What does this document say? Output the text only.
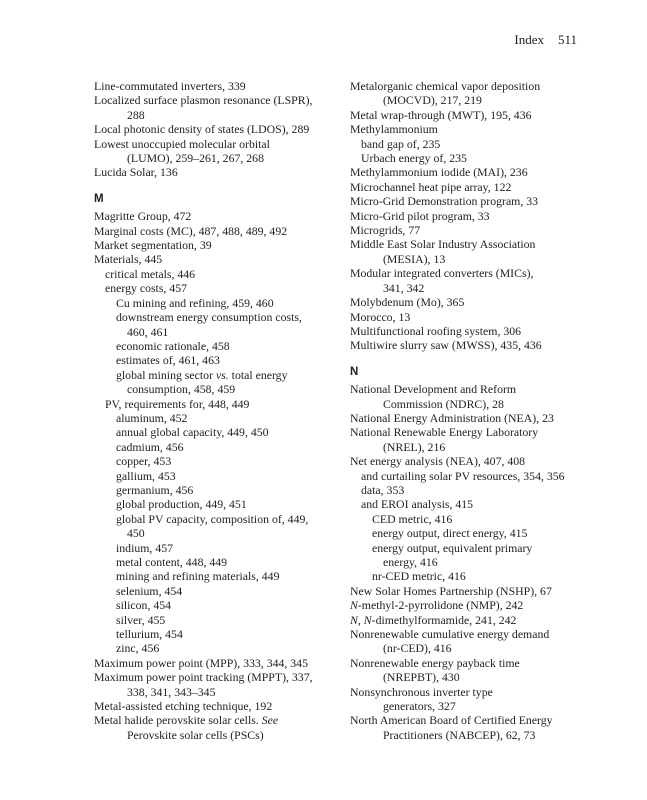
Index 511
Line-commutated inverters, 339
Localized surface plasmon resonance (LSPR),
288
Local photonic density of states (LDOS), 289
Lowest unoccupied molecular orbital
(LUMO), 259–261, 267, 268
Lucida Solar, 136
M
Magritte Group, 472
Marginal costs (MC), 487, 488, 489, 492
Market segmentation, 39
Materials, 445
critical metals, 446
energy costs, 457
Cu mining and refining, 459, 460
downstream energy consumption costs,
460, 461
economic rationale, 458
estimates of, 461, 463
global mining sector vs. total energy
consumption, 458, 459
PV, requirements for, 448, 449
aluminum, 452
annual global capacity, 449, 450
cadmium, 456
copper, 453
gallium, 453
germanium, 456
global production, 449, 451
global PV capacity, composition of, 449,
450
indium, 457
metal content, 448, 449
mining and refining materials, 449
selenium, 454
silicon, 454
silver, 455
tellurium, 454
zinc, 456
Maximum power point (MPP), 333, 344, 345
Maximum power point tracking (MPPT), 337,
338, 341, 343–345
Metal-assisted etching technique, 192
Metal halide perovskite solar cells. See
Perovskite solar cells (PSCs)
Metalorganic chemical vapor deposition
(MOCVD), 217, 219
Metal wrap-through (MWT), 195, 436
Methylammonium
band gap of, 235
Urbach energy of, 235
Methylammonium iodide (MAI), 236
Microchannel heat pipe array, 122
Micro-Grid Demonstration program, 33
Micro-Grid pilot program, 33
Microgrids, 77
Middle East Solar Industry Association
(MESIA), 13
Modular integrated converters (MICs),
341, 342
Molybdenum (Mo), 365
Morocco, 13
Multifunctional roofing system, 306
Multiwire slurry saw (MWSS), 435, 436
N
National Development and Reform
Commission (NDRC), 28
National Energy Administration (NEA), 23
National Renewable Energy Laboratory
(NREL), 216
Net energy analysis (NEA), 407, 408
and curtailing solar PV resources, 354, 356
data, 353
and EROI analysis, 415
CED metric, 416
energy output, direct energy, 415
energy output, equivalent primary
energy, 416
nr-CED metric, 416
New Solar Homes Partnership (NSHP), 67
N-methyl-2-pyrrolidone (NMP), 242
N, N-dimethylformamide, 241, 242
Nonrenewable cumulative energy demand
(nr-CED), 416
Nonrenewable energy payback time
(NREPBT), 430
Nonsynchronous inverter type
generators, 327
North American Board of Certified Energy
Practitioners (NABCEP), 62, 73
